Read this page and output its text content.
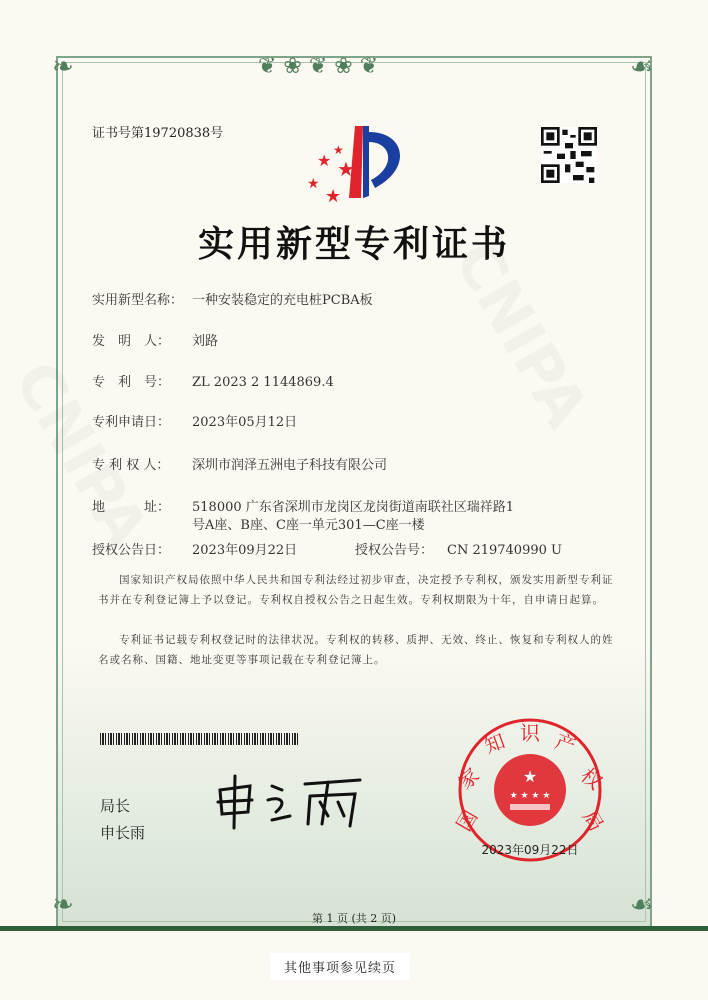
❦ ❀ ❦ ❀ ❦
❧	☙
❧	☙
证书号第19720838号
★
★ ★
★
★
实用新型专利证书
实用新型名称： 一种安装稳定的充电桩PCBA板
发　明　人： 刘路
专　利　号： ZL 2023 2 1144869.4
专利申请日： 2023年05月12日
专 利 权 人： 深圳市润泽五洲电子科技有限公司
地　　　址： 518000 广东省深圳市龙岗区龙岗街道南联社区瑞祥路1
号A座、B座、C座一单元301—C座一楼
授权公告日： 2023年09月22日	授权公告号： CN 219740990 U
国家知识产权局依照中华人民共和国专利法经过初步审查，决定授予专利权，颁发实用新型专利证书并在专利登记簿上予以登记。专利权自授权公告之日起生效。专利权期限为十年，自申请日起算。
专利证书记载专利权登记时的法律状况。专利权的转移、质押、无效、终止、恢复和专利权人的姓名或名称、国籍、地址变更等事项记载在专利登记簿上。
局长
申长雨
★
★ ★ ★ ★
国
家
知 识 产
权
局
2023年09月22日
第 1 页 (共 2 页)
其他事项参见续页
